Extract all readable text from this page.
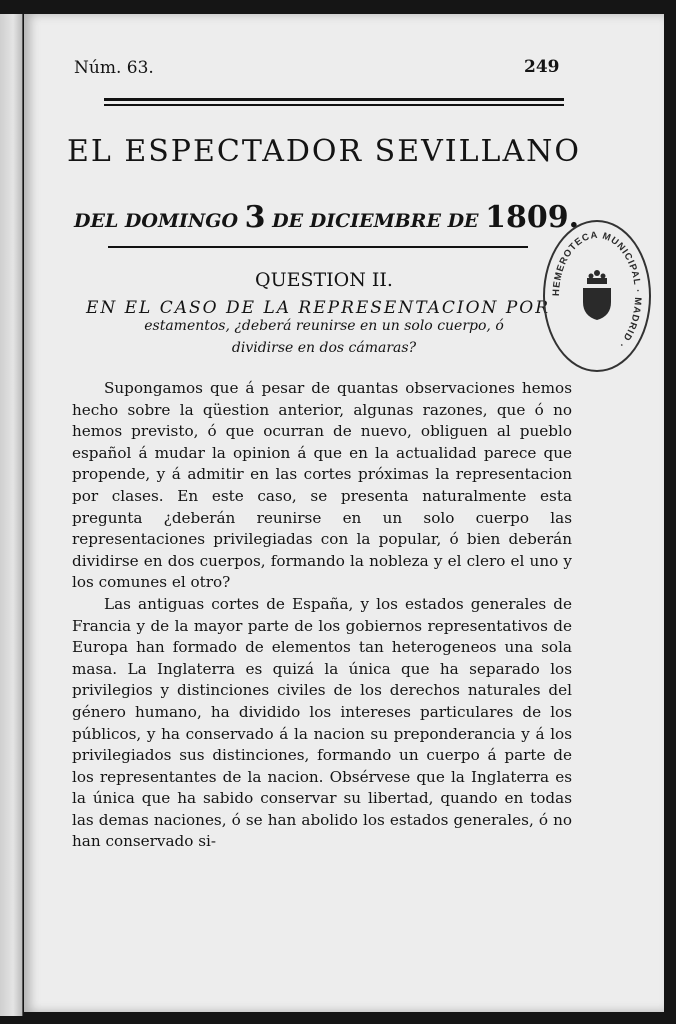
Núm. 63.	249
EL ESPECTADOR SEVILLANO
DEL DOMINGO 3 DE DICIEMBRE DE 1809.
QUESTION II.
EN EL CASO DE LA REPRESENTACION POR
estamentos, ¿deberá reunirse en un solo cuerpo, ó
dividirse en dos cámaras?

Supongamos que á pesar de quantas observaciones hemos hecho sobre la qüestion anterior, algunas razones, que ó no hemos previsto, ó que ocurran de nuevo, obliguen al pueblo español á mudar la opinion á que en la actualidad parece que propende, y á admitir en las cortes próximas la representacion por clases. En este caso, se presenta naturalmente esta pregunta ¿deberán reunirse en un solo cuerpo las representaciones privilegiadas con la popular, ó bien deberán dividirse en dos cuerpos, formando la nobleza y el clero el uno y los comunes el otro?

Las antiguas cortes de España, y los estados generales de Francia y de la mayor parte de los gobiernos representativos de Europa han formado de elementos tan heterogeneos una sola masa. La Inglaterra es quizá la única que ha separado los privilegios y distinciones civiles de los derechos naturales del género humano, ha dividido los intereses particulares de los públicos, y ha conservado á la nacion su preponderancia y á los privilegiados sus distinciones, formando un cuerpo á parte de los representantes de la nacion. Obsérvese que la Inglaterra es la única que ha sabido conservar su libertad, quando en todas las demas naciones, ó se han abolido los estados generales, ó no han conservado si-

HEMEROTECA MUNICIPAL · MADRID ·
